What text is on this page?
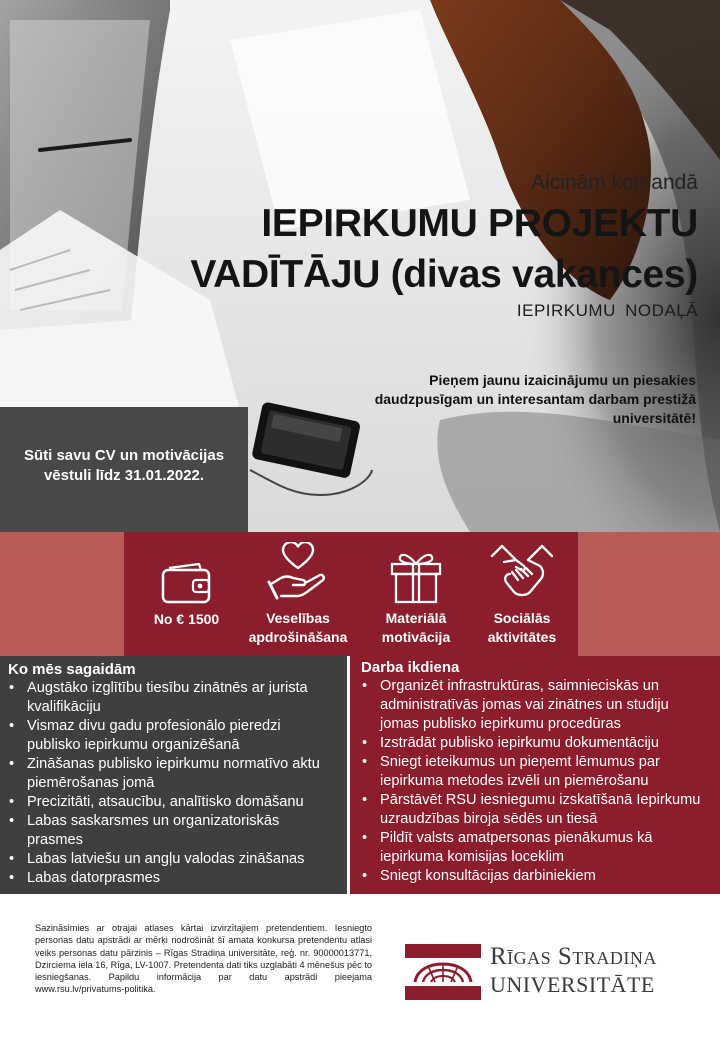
Aicinām komandā
IEPIRKUMU PROJEKTU VADĪTĀJU (divas vakances)
IEPIRKUMU NODAĻĀ
Pieņem jaunu izaicinājumu un piesakies daudzpusīgam un interesantam darbam prestižā universitātē!

Sūti savu CV un motivācijas vēstuli līdz 31.01.2022.

No € 1500	Veselības apdrošināšana
Materiālā motivācija
Sociālās aktivitātes
Ko mēs sagaidām
• Augstāko izglītību tiesību zinātnēs ar jurista kvalifikāciju
• Vismaz divu gadu profesionālo pieredzi publisko iepirkumu organizēšanā
• Zināšanas publisko iepirkumu normatīvo aktu piemērošanas jomā
• Precizitāti, atsaucību, analītisko domāšanu
• Labas saskarsmes un organizatoriskās prasmes
• Labas latviešu un angļu valodas zināšanas
• Labas datorprasmes
Darba ikdiena
• Organizēt infrastruktūras, saimnieciskās un administratīvās jomas vai zinātnes un studiju jomas publisko iepirkumu procedūras
• Izstrādāt publisko iepirkumu dokumentāciju
• Sniegt ieteikumus un pieņemt lēmumus par iepirkuma metodes izvēli un piemērošanu
• Pārstāvēt RSU iesniegumu izskatīšanā Iepirkumu uzraudzības biroja sēdēs un tiesā
• Pildīt valsts amatpersonas pienākumus kā iepirkuma komisijas loceklim
• Sniegt konsultācijas darbiniekiem
Sazināsimies ar otrajai atlases kārtai izvirzītajiem pretendentiem. Iesniegto personas datu apstrādi ar mērķi nodrošināt šī amata konkursa pretendentu atlasi veiks personas datu pārzinis – Rīgas Stradiņa universitāte, reģ. nr. 90000013771, Dzirciema iela 16, Rīga, LV-1007. Pretendenta dati tiks uzglabāti 4 mēnešus pēc to iesniegšanas. Papildu informācija par datu apstrādi pieejama www.rsu.lv/privatums-politika.
Rīgas Stradiņa
UNIVERSITĀTE
